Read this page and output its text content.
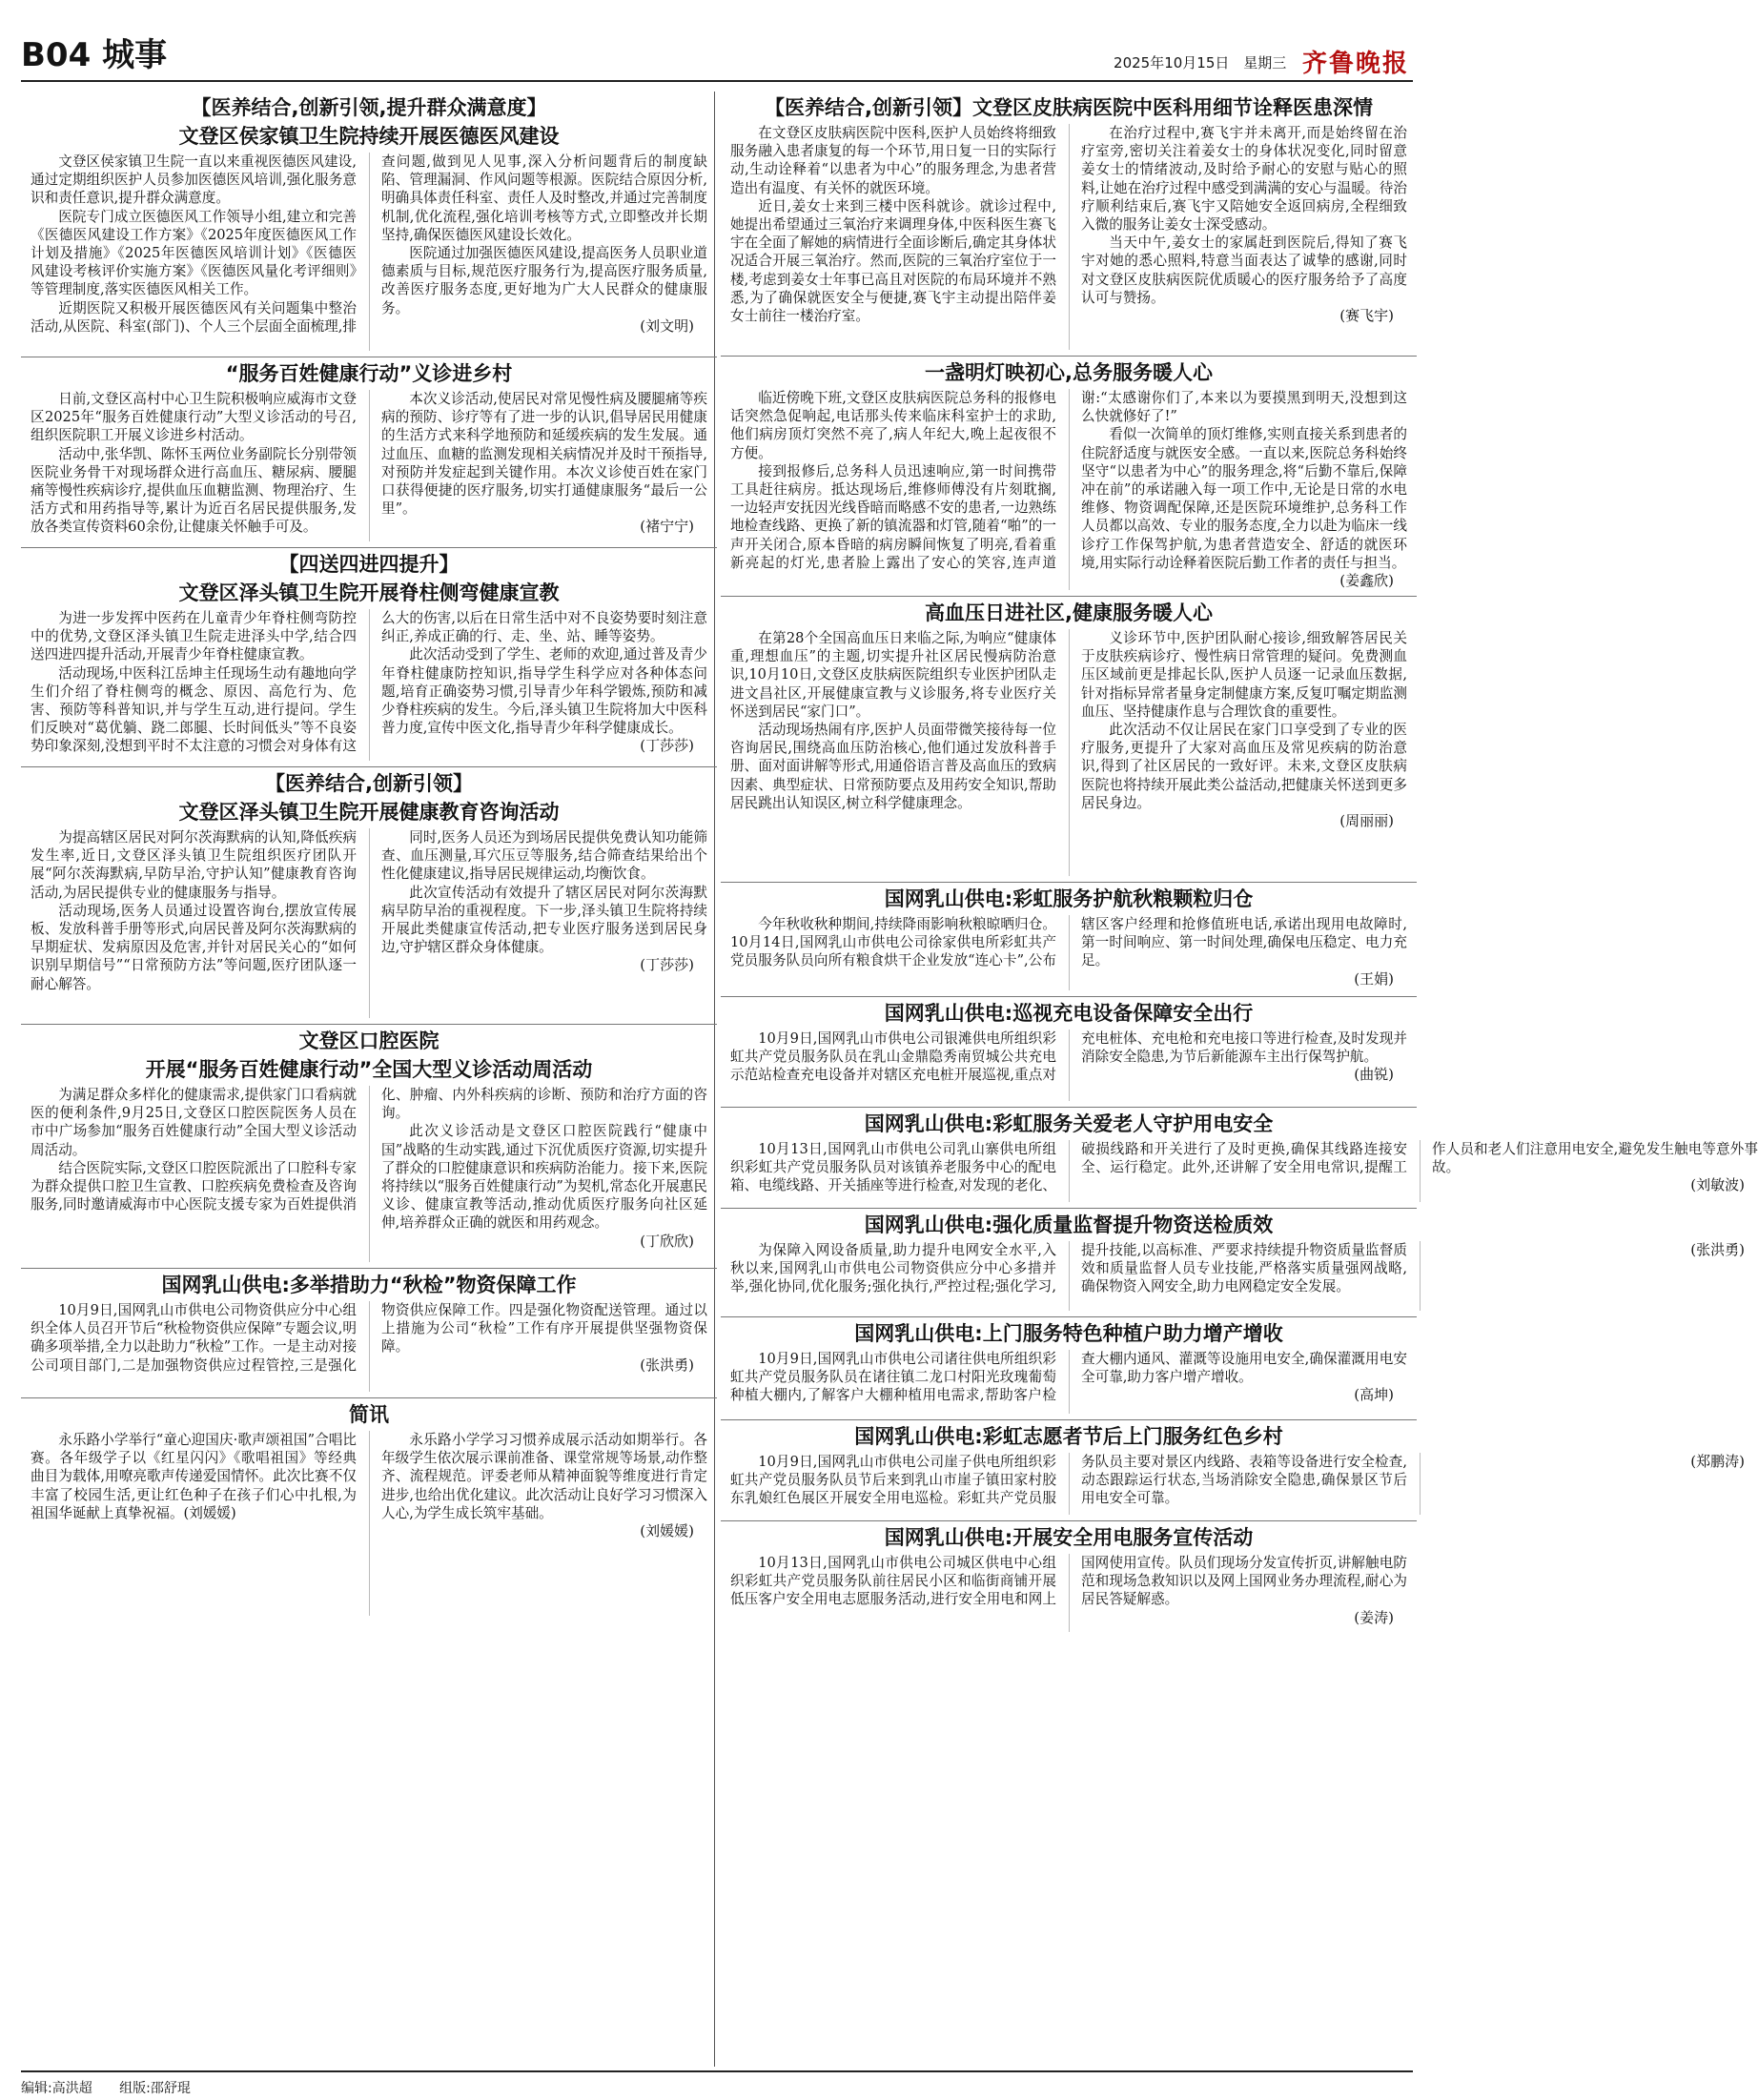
B04 城事	2025年10月15日 星期三 齐鲁晚报
【医养结合,创新引领,提升群众满意度】
文登区侯家镇卫生院持续开展医德医风建设

文登区侯家镇卫生院一直以来重视医德医风建设,通过定期组织医护人员参加医德医风培训,强化服务意识和责任意识,提升群众满意度。

医院专门成立医德医风工作领导小组,建立和完善《医德医风建设工作方案》《2025年度医德医风工作计划及措施》《2025年医德医风培训计划》《医德医风建设考核评价实施方案》《医德医风量化考评细则》等管理制度,落实医德医风相关工作。

近期医院又积极开展医德医风有关问题集中整治活动,从医院、科室(部门)、个人三个层面全面梳理,排查问题,做到见人见事,深入分析问题背后的制度缺陷、管理漏洞、作风问题等根源。医院结合原因分析,明确具体责任科室、责任人及时整改,并通过完善制度机制,优化流程,强化培训考核等方式,立即整改并长期坚持,确保医德医风建设长效化。

医院通过加强医德医风建设,提高医务人员职业道德素质与目标,规范医疗服务行为,提高医疗服务质量,改善医疗服务态度,更好地为广大人民群众的健康服务。

(刘文明)
“服务百姓健康行动”义诊进乡村

日前,文登区高村中心卫生院积极响应威海市文登区2025年“服务百姓健康行动”大型义诊活动的号召,组织医院职工开展义诊进乡村活动。

活动中,张华凯、陈怀玉两位业务副院长分别带领医院业务骨干对现场群众进行高血压、糖尿病、腰腿痛等慢性疾病诊疗,提供血压血糖监测、物理治疗、生活方式和用药指导等,累计为近百名居民提供服务,发放各类宣传资料60余份,让健康关怀触手可及。

本次义诊活动,使居民对常见慢性病及腰腿痛等疾病的预防、诊疗等有了进一步的认识,倡导居民用健康的生活方式来科学地预防和延缓疾病的发生发展。通过血压、血糖的监测发现相关病情况并及时干预指导,对预防并发症起到关键作用。本次义诊使百姓在家门口获得便捷的医疗服务,切实打通健康服务“最后一公里”。

(褚宁宁)
【四送四进四提升】
文登区泽头镇卫生院开展脊柱侧弯健康宣教

为进一步发挥中医药在儿童青少年脊柱侧弯防控中的优势,文登区泽头镇卫生院走进泽头中学,结合四送四进四提升活动,开展青少年脊柱健康宣教。

活动现场,中医科江岳坤主任现场生动有趣地向学生们介绍了脊柱侧弯的概念、原因、高危行为、危害、预防等科普知识,并与学生互动,进行提问。学生们反映对“葛优躺、跷二郎腿、长时间低头”等不良姿势印象深刻,没想到平时不太注意的习惯会对身体有这么大的伤害,以后在日常生活中对不良姿势要时刻注意纠正,养成正确的行、走、坐、站、睡等姿势。

此次活动受到了学生、老师的欢迎,通过普及青少年脊柱健康防控知识,指导学生科学应对各种体态问题,培育正确姿势习惯,引导青少年科学锻炼,预防和减少脊柱疾病的发生。今后,泽头镇卫生院将加大中医科普力度,宣传中医文化,指导青少年科学健康成长。

(丁莎莎)
【医养结合,创新引领】
文登区泽头镇卫生院开展健康教育咨询活动

为提高辖区居民对阿尔茨海默病的认知,降低疾病发生率,近日,文登区泽头镇卫生院组织医疗团队开展“阿尔茨海默病,早防早治,守护认知”健康教育咨询活动,为居民提供专业的健康服务与指导。

活动现场,医务人员通过设置咨询台,摆放宣传展板、发放科普手册等形式,向居民普及阿尔茨海默病的早期症状、发病原因及危害,并针对居民关心的“如何识别早期信号”“日常预防方法”等问题,医疗团队逐一耐心解答。

同时,医务人员还为到场居民提供免费认知功能筛查、血压测量,耳穴压豆等服务,结合筛查结果给出个性化健康建议,指导居民规律运动,均衡饮食。

此次宣传活动有效提升了辖区居民对阿尔茨海默病早防早治的重视程度。下一步,泽头镇卫生院将持续开展此类健康宣传活动,把专业医疗服务送到居民身边,守护辖区群众身体健康。

(丁莎莎)
文登区口腔医院
开展“服务百姓健康行动”全国大型义诊活动周活动

为满足群众多样化的健康需求,提供家门口看病就医的便利条件,9月25日,文登区口腔医院医务人员在市中广场参加“服务百姓健康行动”全国大型义诊活动周活动。

结合医院实际,文登区口腔医院派出了口腔科专家为群众提供口腔卫生宣教、口腔疾病免费检查及咨询服务,同时邀请威海市中心医院支援专家为百姓提供消化、肿瘤、内外科疾病的诊断、预防和治疗方面的咨询。

此次义诊活动是文登区口腔医院践行“健康中国”战略的生动实践,通过下沉优质医疗资源,切实提升了群众的口腔健康意识和疾病防治能力。接下来,医院将持续以“服务百姓健康行动”为契机,常态化开展惠民义诊、健康宣教等活动,推动优质医疗服务向社区延伸,培养群众正确的就医和用药观念。

(丁欣欣)
国网乳山供电:多举措助力“秋检”物资保障工作

10月9日,国网乳山市供电公司物资供应分中心组织全体人员召开节后“秋检物资供应保障”专题会议,明确多项举措,全力以赴助力“秋检”工作。一是主动对接公司项目部门,二是加强物资供应过程管控,三是强化物资供应保障工作。四是强化物资配送管理。通过以上措施为公司“秋检”工作有序开展提供坚强物资保障。

(张洪勇)
简讯

永乐路小学举行“童心迎国庆·歌声颂祖国”合唱比赛。各年级学子以《红星闪闪》《歌唱祖国》等经典曲目为载体,用嘹亮歌声传递爱国情怀。此次比赛不仅丰富了校园生活,更让红色种子在孩子们心中扎根,为祖国华诞献上真挚祝福。(刘媛媛)

永乐路小学学习习惯养成展示活动如期举行。各年级学生依次展示课前准备、课堂常规等场景,动作整齐、流程规范。评委老师从精神面貌等维度进行肯定进步,也给出优化建议。此次活动让良好学习习惯深入人心,为学生成长筑牢基础。

(刘媛媛)
【医养结合,创新引领】文登区皮肤病医院中医科用细节诠释医患深情

在文登区皮肤病医院中医科,医护人员始终将细致服务融入患者康复的每一个环节,用日复一日的实际行动,生动诠释着“以患者为中心”的服务理念,为患者营造出有温度、有关怀的就医环境。

近日,姜女士来到三楼中医科就诊。就诊过程中,她提出希望通过三氧治疗来调理身体,中医科医生赛飞宇在全面了解她的病情进行全面诊断后,确定其身体状况适合开展三氧治疗。然而,医院的三氧治疗室位于一楼,考虑到姜女士年事已高且对医院的布局环境并不熟悉,为了确保就医安全与便捷,赛飞宇主动提出陪伴姜女士前往一楼治疗室。

在治疗过程中,赛飞宇并未离开,而是始终留在治疗室旁,密切关注着姜女士的身体状况变化,同时留意姜女士的情绪波动,及时给予耐心的安慰与贴心的照料,让她在治疗过程中感受到满满的安心与温暖。待治疗顺利结束后,赛飞宇又陪她安全返回病房,全程细致入微的服务让姜女士深受感动。

当天中午,姜女士的家属赶到医院后,得知了赛飞宇对她的悉心照料,特意当面表达了诚挚的感谢,同时对文登区皮肤病医院优质暖心的医疗服务给予了高度认可与赞扬。

(赛飞宇)
一盏明灯映初心,总务服务暖人心

临近傍晚下班,文登区皮肤病医院总务科的报修电话突然急促响起,电话那头传来临床科室护士的求助,他们病房顶灯突然不亮了,病人年纪大,晚上起夜很不方便。

接到报修后,总务科人员迅速响应,第一时间携带工具赶往病房。抵达现场后,维修师傅没有片刻耽搁,一边轻声安抚因光线昏暗而略感不安的患者,一边熟练地检查线路、更换了新的镇流器和灯管,随着“啪”的一声开关闭合,原本昏暗的病房瞬间恢复了明亮,看着重新亮起的灯光,患者脸上露出了安心的笑容,连声道谢:“太感谢你们了,本来以为要摸黑到明天,没想到这么快就修好了!”

看似一次简单的顶灯维修,实则直接关系到患者的住院舒适度与就医安全感。一直以来,医院总务科始终坚守“以患者为中心”的服务理念,将“后勤不靠后,保障冲在前”的承诺融入每一项工作中,无论是日常的水电维修、物资调配保障,还是医院环境维护,总务科工作人员都以高效、专业的服务态度,全力以赴为临床一线诊疗工作保驾护航,为患者营造安全、舒适的就医环境,用实际行动诠释着医院后勤工作者的责任与担当。

(姜鑫欣)
高血压日进社区,健康服务暖人心

在第28个全国高血压日来临之际,为响应“健康体重,理想血压”的主题,切实提升社区居民慢病防治意识,10月10日,文登区皮肤病医院组织专业医护团队走进文昌社区,开展健康宣教与义诊服务,将专业医疗关怀送到居民“家门口”。

活动现场热闹有序,医护人员面带微笑接待每一位咨询居民,围绕高血压防治核心,他们通过发放科普手册、面对面讲解等形式,用通俗语言普及高血压的致病因素、典型症状、日常预防要点及用药安全知识,帮助居民跳出认知误区,树立科学健康理念。

义诊环节中,医护团队耐心接诊,细致解答居民关于皮肤疾病诊疗、慢性病日常管理的疑问。免费测血压区域前更是排起长队,医护人员逐一记录血压数据,针对指标异常者量身定制健康方案,反复叮嘱定期监测血压、坚持健康作息与合理饮食的重要性。

此次活动不仅让居民在家门口享受到了专业的医疗服务,更提升了大家对高血压及常见疾病的防治意识,得到了社区居民的一致好评。未来,文登区皮肤病医院也将持续开展此类公益活动,把健康关怀送到更多居民身边。

(周丽丽)
国网乳山供电:彩虹服务护航秋粮颗粒归仓

今年秋收秋种期间,持续降雨影响秋粮晾晒归仓。10月14日,国网乳山市供电公司徐家供电所彩虹共产党员服务队员向所有粮食烘干企业发放“连心卡”,公布辖区客户经理和抢修值班电话,承诺出现用电故障时,第一时间响应、第一时间处理,确保电压稳定、电力充足。

(王娟)
国网乳山供电:巡视充电设备保障安全出行

10月9日,国网乳山市供电公司银滩供电所组织彩虹共产党员服务队员在乳山金鼎隐秀南贸城公共充电示范站检查充电设备并对辖区充电桩开展巡视,重点对充电桩体、充电枪和充电接口等进行检查,及时发现并消除安全隐患,为节后新能源车主出行保驾护航。

(曲锐)
国网乳山供电:彩虹服务关爱老人守护用电安全

10月13日,国网乳山市供电公司乳山寨供电所组织彩虹共产党员服务队员对该镇养老服务中心的配电箱、电缆线路、开关插座等进行检查,对发现的老化、破损线路和开关进行了及时更换,确保其线路连接安全、运行稳定。此外,还讲解了安全用电常识,提醒工作人员和老人们注意用电安全,避免发生触电等意外事故。

(刘敏波)
国网乳山供电:强化质量监督提升物资送检质效

为保障入网设备质量,助力提升电网安全水平,入秋以来,国网乳山市供电公司物资供应分中心多措并举,强化协同,优化服务;强化执行,严控过程;强化学习,提升技能,以高标准、严要求持续提升物资质量监督质效和质量监督人员专业技能,严格落实质量强网战略,确保物资入网安全,助力电网稳定安全发展。

(张洪勇)
国网乳山供电:上门服务特色种植户助力增产增收

10月9日,国网乳山市供电公司诸往供电所组织彩虹共产党员服务队员在诸往镇二龙口村阳光玫瑰葡萄种植大棚内,了解客户大棚种植用电需求,帮助客户检查大棚内通风、灌溉等设施用电安全,确保灌溉用电安全可靠,助力客户增产增收。

(高坤)
国网乳山供电:彩虹志愿者节后上门服务红色乡村

10月9日,国网乳山市供电公司崖子供电所组织彩虹共产党员服务队员节后来到乳山市崖子镇田家村胶东乳娘红色展区开展安全用电巡检。彩虹共产党员服务队员主要对景区内线路、表箱等设备进行安全检查,动态跟踪运行状态,当场消除安全隐患,确保景区节后用电安全可靠。

(郑鹏涛)
国网乳山供电:开展安全用电服务宣传活动

10月13日,国网乳山市供电公司城区供电中心组织彩虹共产党员服务队前往居民小区和临街商铺开展低压客户安全用电志愿服务活动,进行安全用电和网上国网使用宣传。队员们现场分发宣传折页,讲解触电防范和现场急救知识以及网上国网业务办理流程,耐心为居民答疑解惑。

(姜涛)
编辑:高洪超 组版:邵舒琨
